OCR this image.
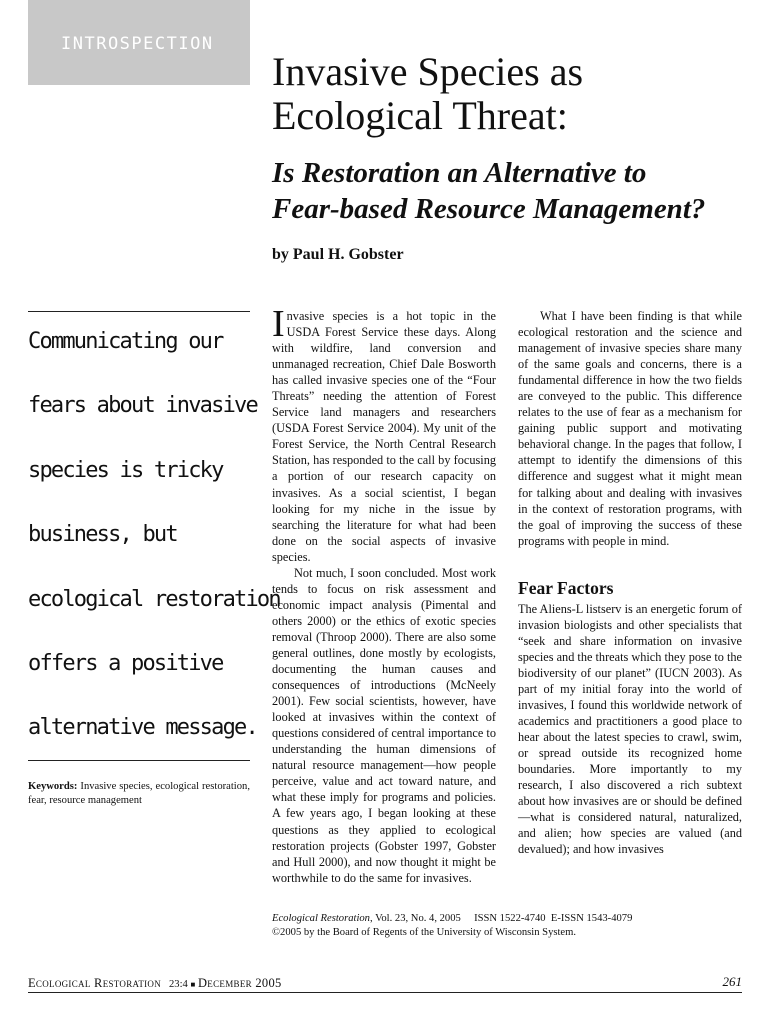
INTROSPECTION
Invasive Species as
Ecological Threat:
Is Restoration an Alternative to
Fear-based Resource Management?
by Paul H. Gobster
Communicating our
fears about invasive
species is tricky
business, but
ecological restoration
offers a positive
alternative message.
Keywords: Invasive species, ecological restoration, fear, resource management

Invasive species is a hot topic in the USDA Forest Service these days. Along with wildfire, land conversion and unmanaged recreation, Chief Dale Bosworth has called invasive species one of the “Four Threats” needing the attention of Forest Service land managers and researchers (USDA Forest Service 2004). My unit of the Forest Service, the North Central Research Station, has responded to the call by focusing a portion of our research capacity on invasives. As a social scientist, I began looking for my niche in the issue by searching the literature for what had been done on the social aspects of invasive species.

Not much, I soon concluded. Most work tends to focus on risk assessment and economic impact analysis (Pimental and others 2000) or the ethics of exotic species removal (Throop 2000). There are also some general outlines, done mostly by ecologists, documenting the human causes and consequences of introductions (McNeely 2001). Few social scientists, however, have looked at invasives within the context of questions considered of central importance to understanding the human dimensions of natural resource management—how people perceive, value and act toward nature, and what these imply for programs and policies. A few years ago, I began looking at these questions as they applied to ecological restoration projects (Gobster 1997, Gobster and Hull 2000), and now thought it might be worthwhile to do the same for invasives.

What I have been finding is that while ecological restoration and the science and management of invasive species share many of the same goals and concerns, there is a fundamental difference in how the two fields are conveyed to the public. This difference relates to the use of fear as a mechanism for gaining public support and motivating behavioral change. In the pages that follow, I attempt to identify the dimensions of this difference and suggest what it might mean for talking about and dealing with invasives in the context of restoration programs, with the goal of improving the success of these programs with people in mind.

Fear Factors

The Aliens-L listserv is an energetic forum of invasion biologists and other specialists that “seek and share information on invasive species and the threats which they pose to the biodiversity of our planet” (IUCN 2003). As part of my initial foray into the world of invasives, I found this worldwide network of academics and practitioners a good place to hear about the latest species to crawl, swim, or spread outside its recognized home boundaries. More importantly to my research, I also discovered a rich subtext about how invasives are or should be defined—what is considered natural, naturalized, and alien; how species are valued (and devalued); and how invasives

Ecological Restoration, Vol. 23, No. 4, 2005     ISSN 1522-4740  E-ISSN 1543-4079
©2005 by the Board of Regents of the University of Wisconsin System.
Ecological Restoration 23:4 ■ December 2005	261
